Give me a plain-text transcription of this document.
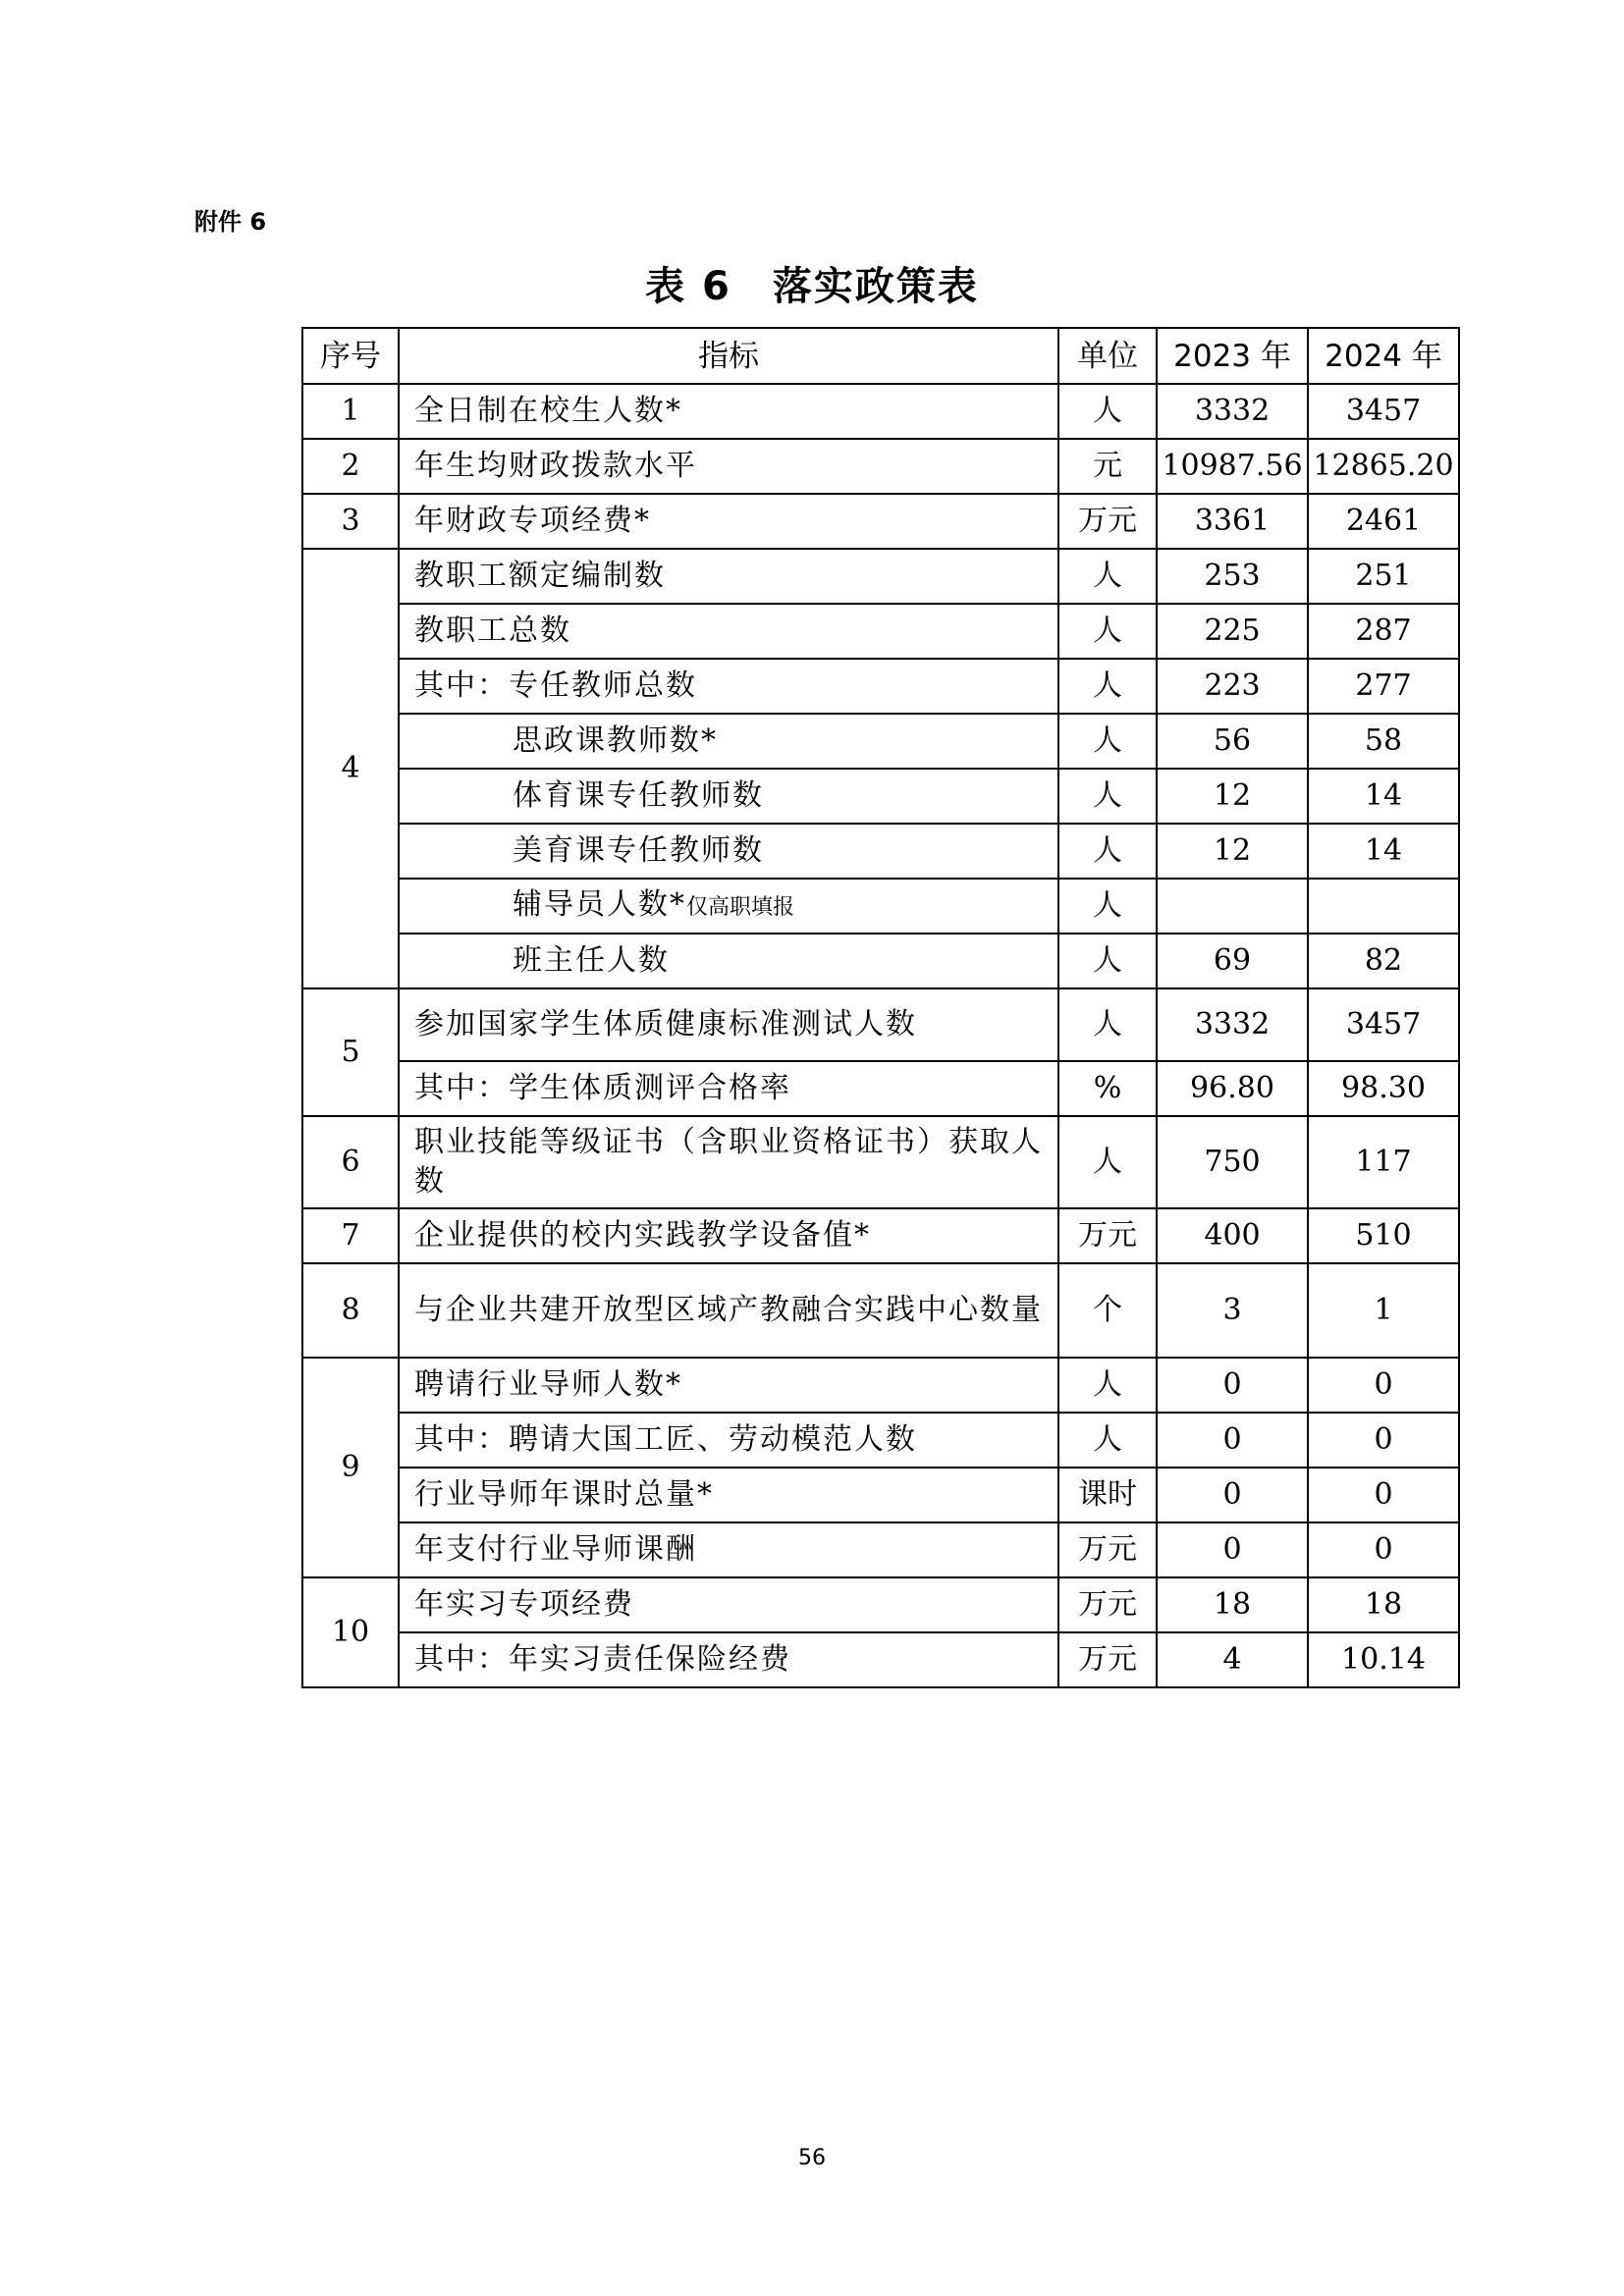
附件 6
表 6　落实政策表
序号	指标	单位	2023 年	2024 年
1	全日制在校生人数*	人	3332	3457
2	年生均财政拨款水平	元	10987.56	12865.20
3	年财政专项经费*	万元	3361	2461
4	教职工额定编制数	人	253	251
	教职工总数	人	225	287
	其中：专任教师总数	人	223	277
	思政课教师数*	人	56	58
	体育课专任教师数	人	12	14
	美育课专任教师数	人	12	14
	辅导员人数*仅高职填报	人		
	班主任人数	人	69	82
5	参加国家学生体质健康标准测试人数	人	3332	3457
	其中：学生体质测评合格率	%	96.80	98.30
6	职业技能等级证书（含职业资格证书）获取人数	人	750	117
7	企业提供的校内实践教学设备值*	万元	400	510
8	与企业共建开放型区域产教融合实践中心数量	个	3	1
9	聘请行业导师人数*	人	0	0

	其中：聘请大国工匠、劳动模范人数	人	0	0
	行业导师年课时总量*	课时	0	0
	年支付行业导师课酬	万元	0	0
10	年实习专项经费	万元	18	18
	其中：年实习责任保险经费	万元	4	10.14
56
